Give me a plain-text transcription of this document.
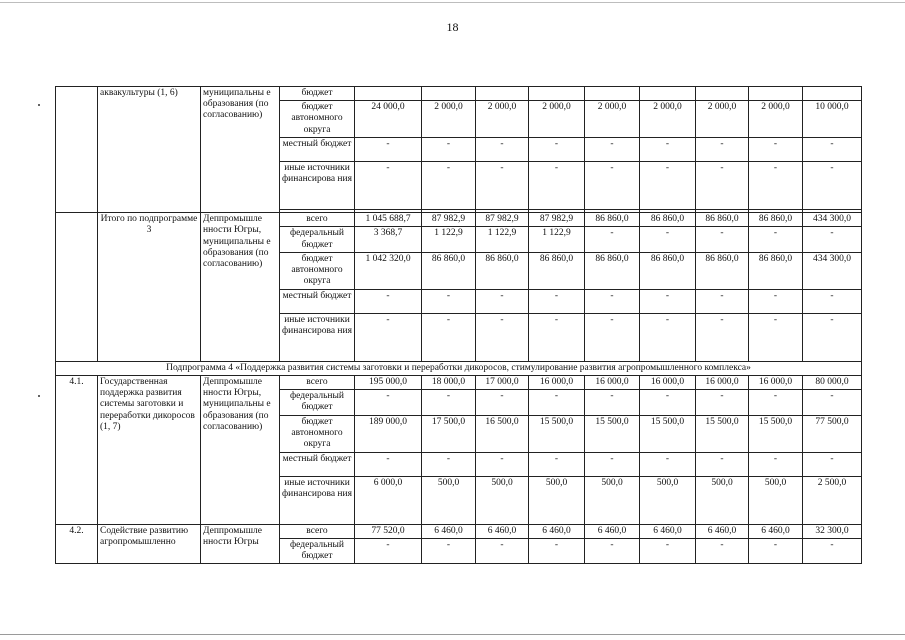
18
	аквакультуры (1, 6)	муниципальны е образования (по согласованию)	бюджет									
			бюджет автономного округа	24 000,0	2 000,0	2 000,0	2 000,0	2 000,0	2 000,0	2 000,0	2 000,0	10 000,0
			местный бюджет	-	-	-	-	-	-	-	-	-
			иные источники финансирова ния	-	-	-	-	-	-	-	-	-

	Итого по подпрограмме 3	Деппромышле нности Югры, муниципальны е образования (по согласованию)	всего	1 045 688,7	87 982,9	87 982,9	87 982,9	86 860,0	86 860,0	86 860,0	86 860,0	434 300,0
			федеральный бюджет	3 368,7	1 122,9	1 122,9	1 122,9	-	-	-	-	-
			бюджет автономного округа	1 042 320,0	86 860,0	86 860,0	86 860,0	86 860,0	86 860,0	86 860,0	86 860,0	434 300,0
			местный бюджет	-	-	-	-	-	-	-	-	-
			иные источники финансирова ния	-	-	-	-	-	-	-	-	-
Подпрограмма 4 «Поддержка развития системы заготовки и переработки дикоросов, стимулирование развития агропромышленного комплекса»												
4.1.	Государственная поддержка развития системы заготовки и переработки дикоросов (1, 7)	Деппромышле нности Югры, муниципальны е образования (по согласованию)	всего	195 000,0	18 000,0	17 000,0	16 000,0	16 000,0	16 000,0	16 000,0	16 000,0	80 000,0
			федеральный бюджет	-	-	-	-	-	-	-	-	-
			бюджет автономного округа	189 000,0	17 500,0	16 500,0	15 500,0	15 500,0	15 500,0	15 500,0	15 500,0	77 500,0
			местный бюджет	-	-	-	-	-	-	-	-	-
			иные источники финансирова ния	6 000,0	500,0	500,0	500,0	500,0	500,0	500,0	500,0	2 500,0
4.2.	Содействие развитию агропромышленно	Деппромышле нности Югры	всего	77 520,0	6 460,0	6 460,0	6 460,0	6 460,0	6 460,0	6 460,0	6 460,0	32 300,0
			федеральный бюджет	-	-	-	-	-	-	-	-	-
